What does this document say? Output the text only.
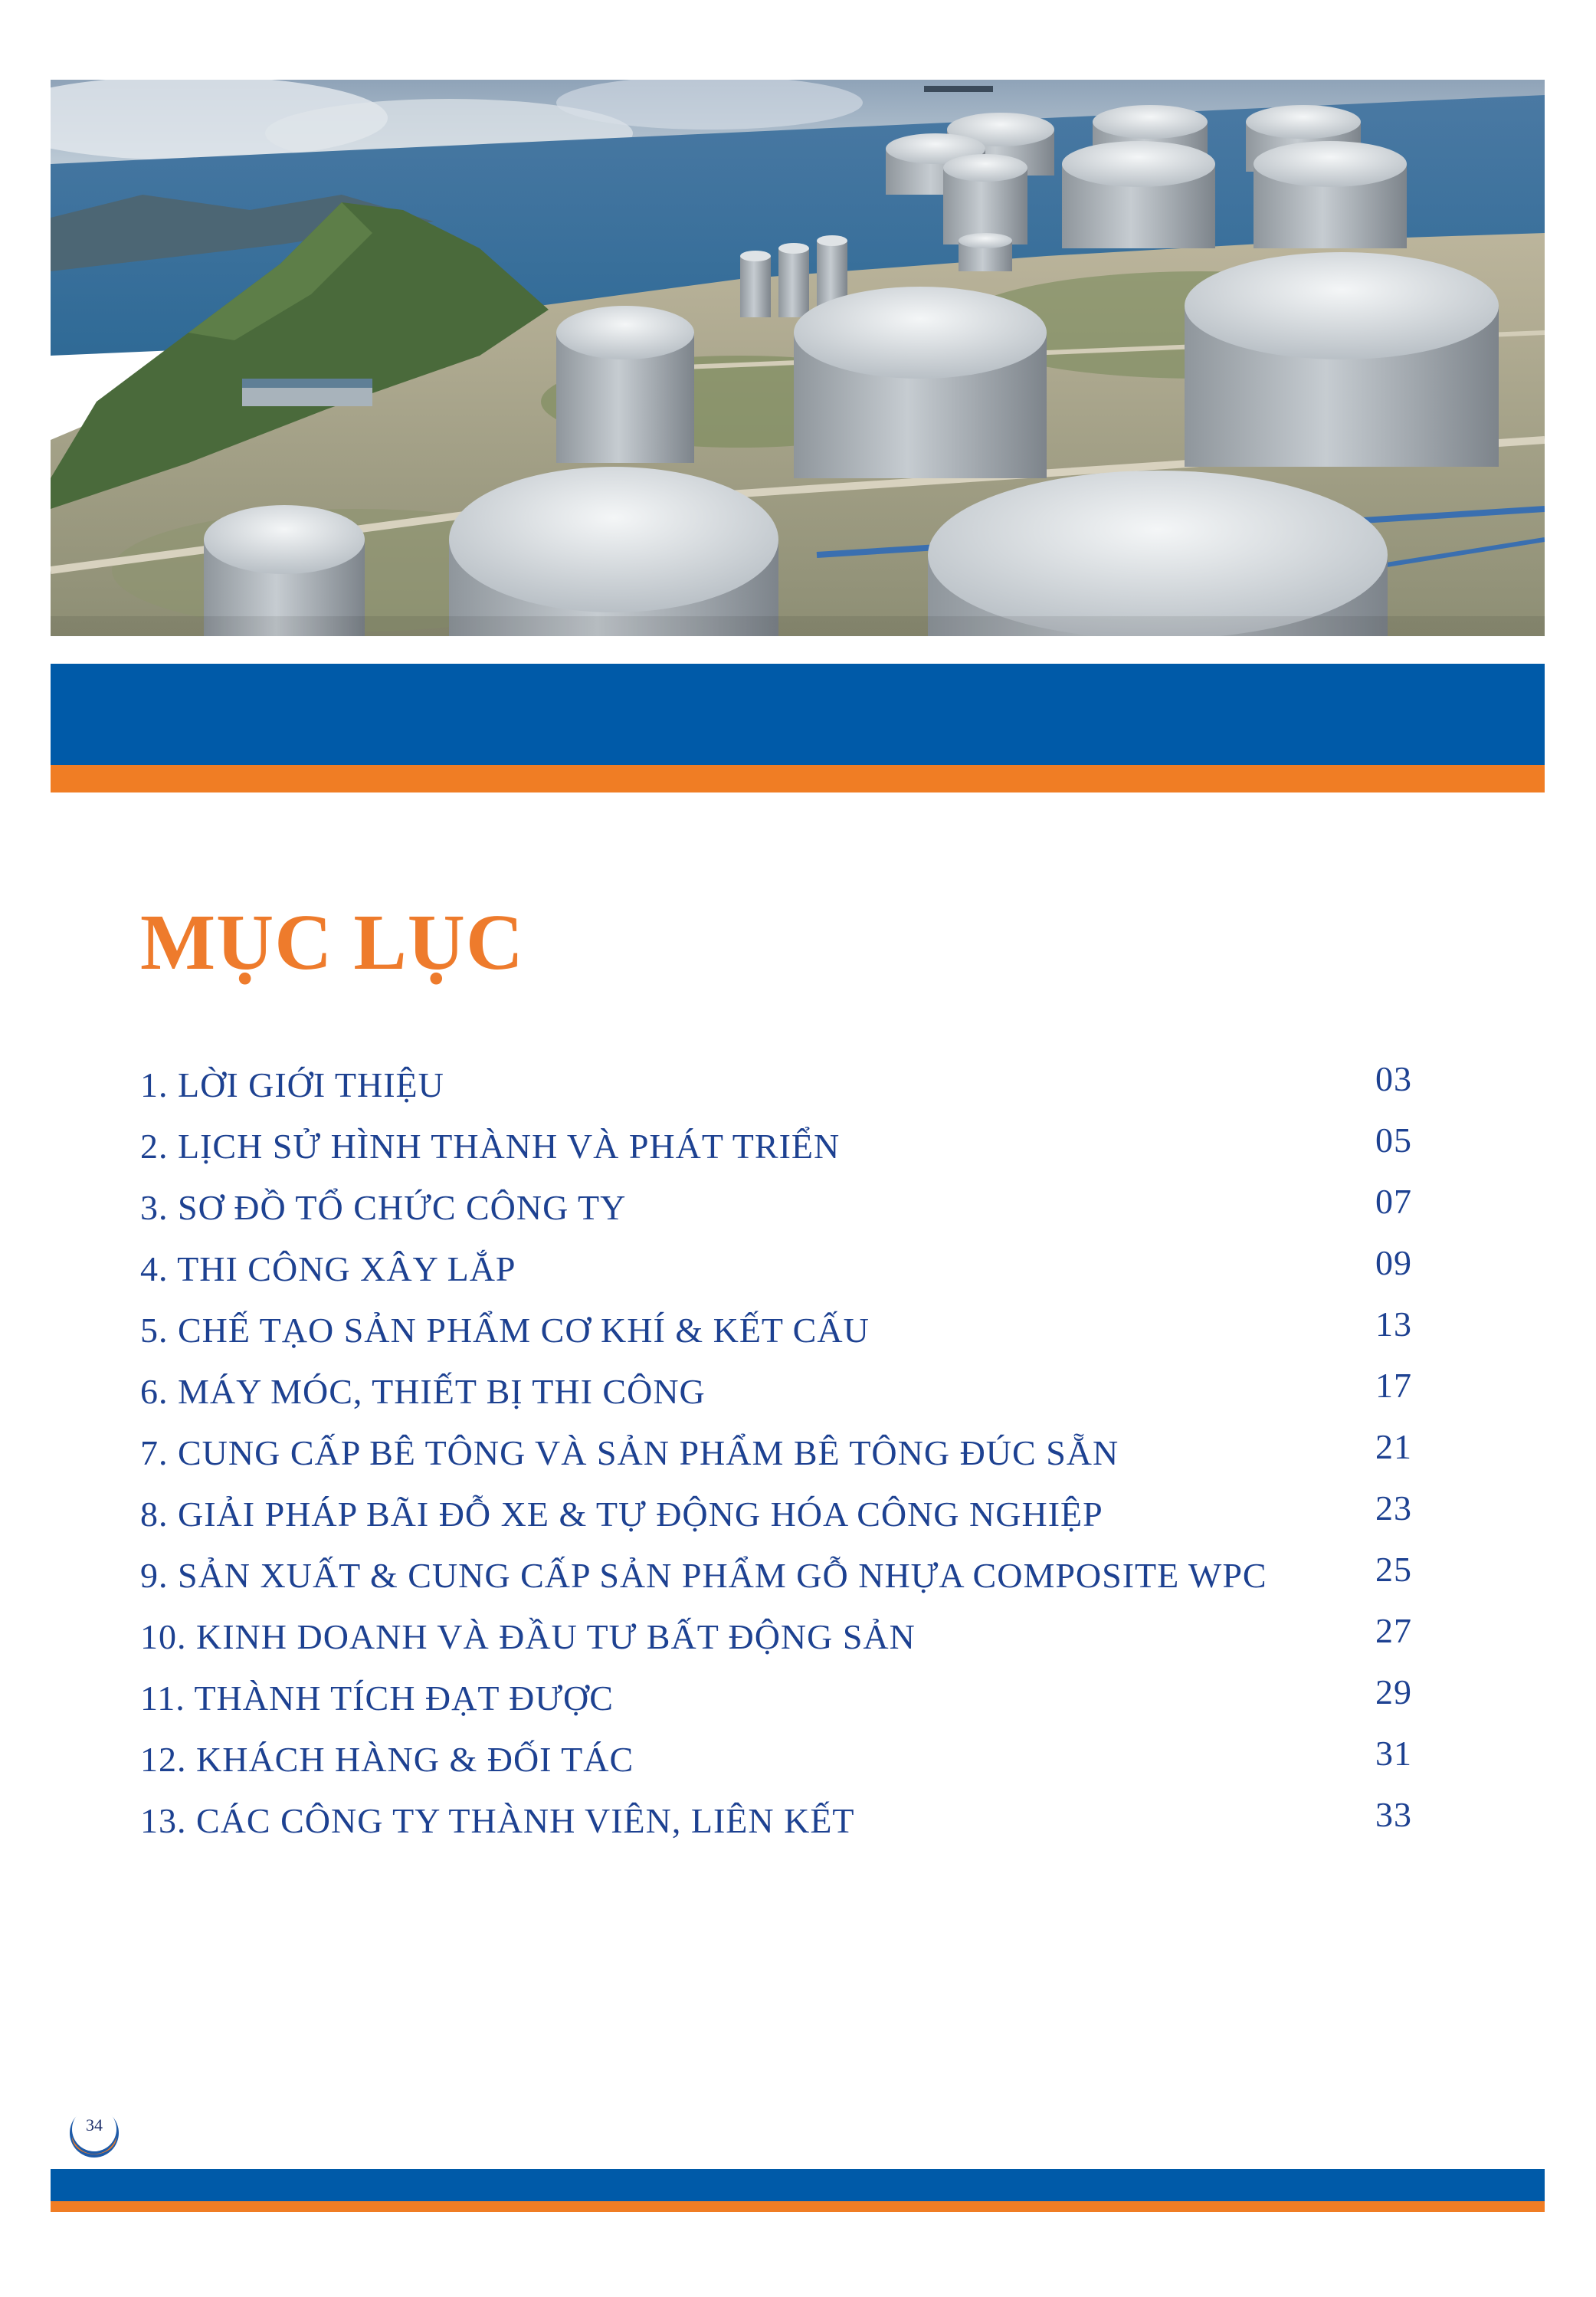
MỤC LỤC
1. LỜI GIỚI THIỆU	03
2. LỊCH SỬ HÌNH THÀNH VÀ PHÁT TRIỂN	05
3. SƠ ĐỒ TỔ CHỨC CÔNG TY	07
4. THI CÔNG XÂY LẮP	09
5. CHẾ TẠO SẢN PHẨM CƠ KHÍ & KẾT CẤU	13
6. MÁY MÓC, THIẾT BỊ THI CÔNG	17
7. CUNG CẤP BÊ TÔNG VÀ SẢN PHẨM BÊ TÔNG ĐÚC SẴN	21
8. GIẢI PHÁP BÃI ĐỖ XE & TỰ ĐỘNG HÓA CÔNG NGHIỆP	23
9. SẢN XUẤT & CUNG CẤP SẢN PHẨM GỖ NHỰA COMPOSITE WPC	25
10. KINH DOANH VÀ ĐẦU TƯ BẤT ĐỘNG SẢN	27
11. THÀNH TÍCH ĐẠT ĐƯỢC	29
12. KHÁCH HÀNG & ĐỐI TÁC	31
13. CÁC CÔNG TY THÀNH VIÊN, LIÊN KẾT	33
34
